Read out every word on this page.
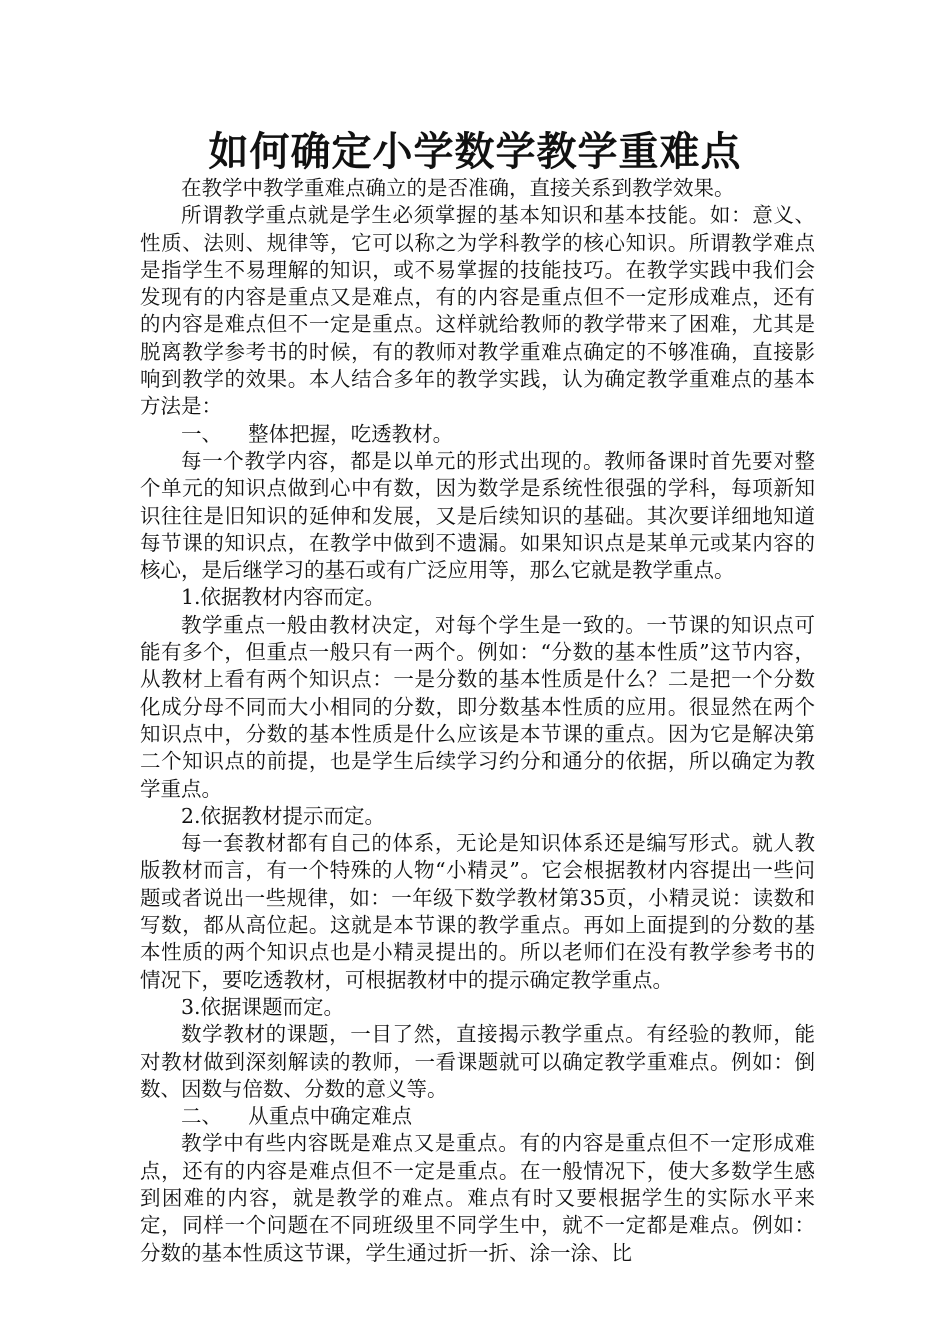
如何确定小学数学教学重难点

在教学中教学重难点确立的是否准确，直接关系到教学效果。

所谓教学重点就是学生必须掌握的基本知识和基本技能。如：意义、性质、法则、规律等，它可以称之为学科教学的核心知识。所谓教学难点是指学生不易理解的知识，或不易掌握的技能技巧。在教学实践中我们会发现有的内容是重点又是难点，有的内容是重点但不一定形成难点，还有的内容是难点但不一定是重点。这样就给教师的教学带来了困难，尤其是脱离教学参考书的时候，有的教师对教学重难点确定的不够准确，直接影响到教学的效果。本人结合多年的教学实践，认为确定教学重难点的基本方法是：

一、    整体把握，吃透教材。

每一个教学内容，都是以单元的形式出现的。教师备课时首先要对整个单元的知识点做到心中有数，因为数学是系统性很强的学科，每项新知识往往是旧知识的延伸和发展，又是后续知识的基础。其次要详细地知道每节课的知识点，在教学中做到不遗漏。如果知识点是某单元或某内容的核心，是后继学习的基石或有广泛应用等，那么它就是教学重点。

1.依据教材内容而定。

教学重点一般由教材决定，对每个学生是一致的。一节课的知识点可能有多个，但重点一般只有一两个。例如：“分数的基本性质”这节内容，从教材上看有两个知识点：一是分数的基本性质是什么？二是把一个分数化成分母不同而大小相同的分数，即分数基本性质的应用。很显然在两个知识点中，分数的基本性质是什么应该是本节课的重点。因为它是解决第二个知识点的前提，也是学生后续学习约分和通分的依据，所以确定为教学重点。

2.依据教材提示而定。

每一套教材都有自己的体系，无论是知识体系还是编写形式。就人教版教材而言，有一个特殊的人物“小精灵”。它会根据教材内容提出一些问题或者说出一些规律，如：一年级下数学教材第35页，小精灵说：读数和写数，都从高位起。这就是本节课的教学重点。再如上面提到的分数的基本性质的两个知识点也是小精灵提出的。所以老师们在没有教学参考书的情况下，要吃透教材，可根据教材中的提示确定教学重点。

3.依据课题而定。

数学教材的课题，一目了然，直接揭示教学重点。有经验的教师，能对教材做到深刻解读的教师，一看课题就可以确定教学重难点。例如：倒数、因数与倍数、分数的意义等。

二、    从重点中确定难点

教学中有些内容既是难点又是重点。有的内容是重点但不一定形成难点，还有的内容是难点但不一定是重点。在一般情况下，使大多数学生感到困难的内容，就是教学的难点。难点有时又要根据学生的实际水平来定，同样一个问题在不同班级里不同学生中，就不一定都是难点。例如：分数的基本性质这节课，学生通过折一折、涂一涂、比
